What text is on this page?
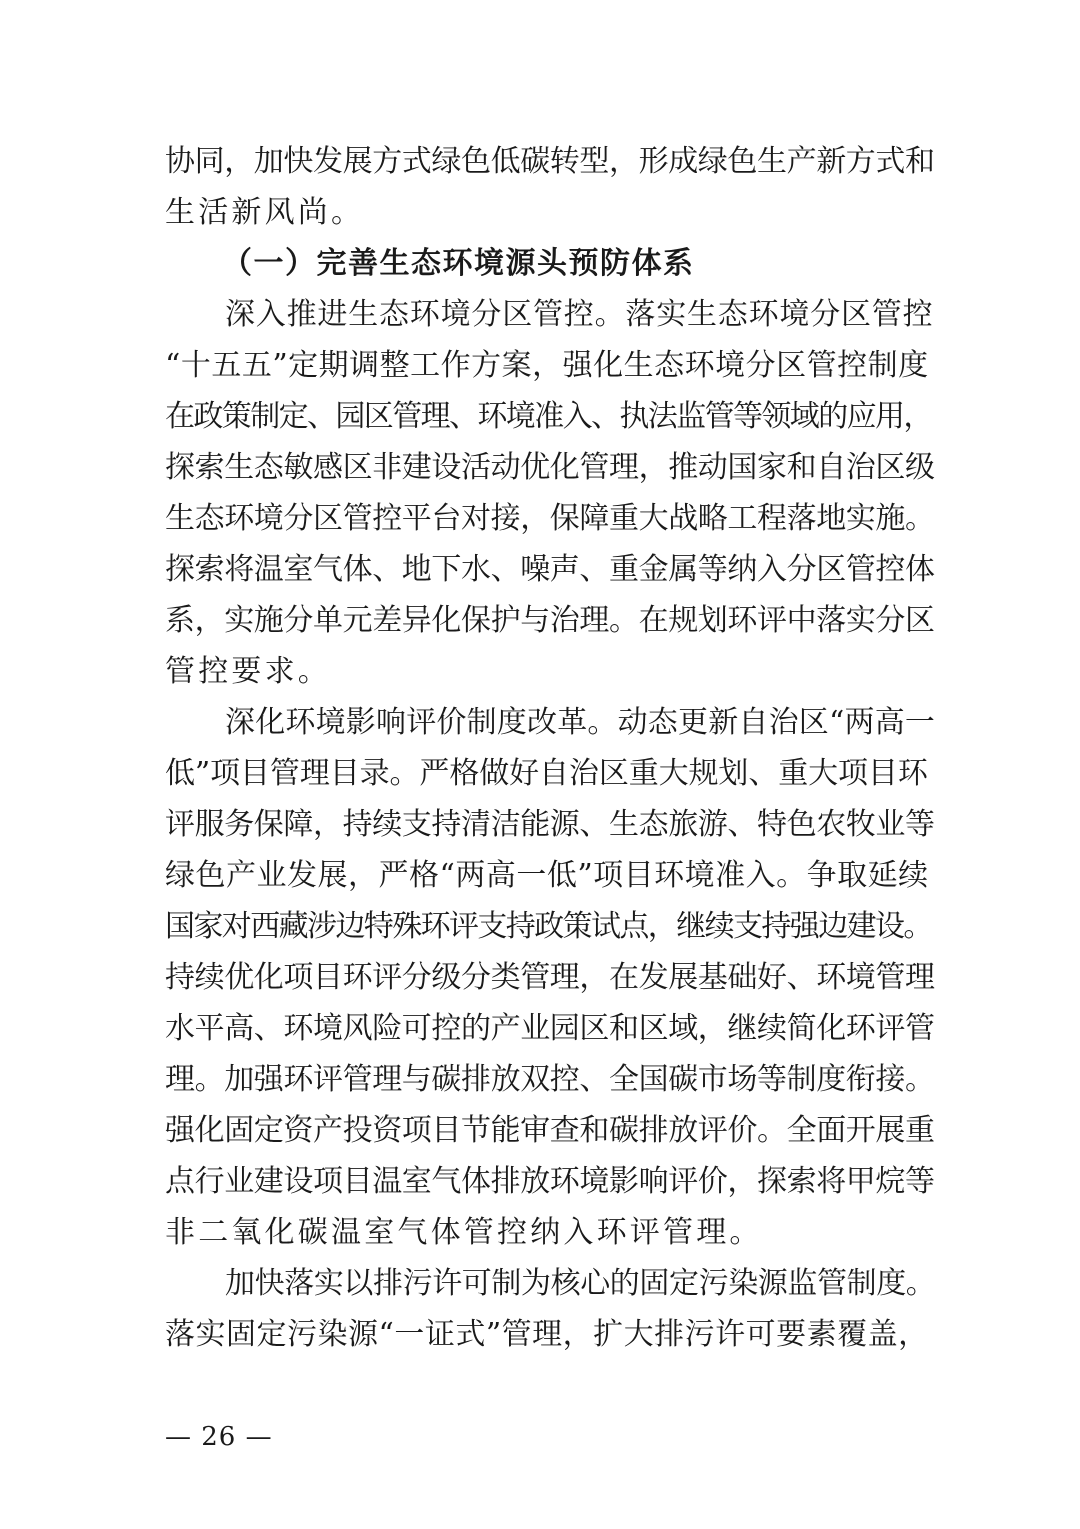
协同，加快发展方式绿色低碳转型，形成绿色生产新方式和
生活新风尚。
（一）完善生态环境源头预防体系
深入推进生态环境分区管控。落实生态环境分区管控
“十五五”定期调整工作方案，强化生态环境分区管控制度
在政策制定、园区管理、环境准入、执法监管等领域的应用，
探索生态敏感区非建设活动优化管理，推动国家和自治区级
生态环境分区管控平台对接，保障重大战略工程落地实施。
探索将温室气体、地下水、噪声、重金属等纳入分区管控体
系，实施分单元差异化保护与治理。在规划环评中落实分区
管控要求。
深化环境影响评价制度改革。动态更新自治区“两高一
低”项目管理目录。严格做好自治区重大规划、重大项目环
评服务保障，持续支持清洁能源、生态旅游、特色农牧业等
绿色产业发展，严格“两高一低”项目环境准入。争取延续
国家对西藏涉边特殊环评支持政策试点，继续支持强边建设。
持续优化项目环评分级分类管理，在发展基础好、环境管理
水平高、环境风险可控的产业园区和区域，继续简化环评管
理。加强环评管理与碳排放双控、全国碳市场等制度衔接。
强化固定资产投资项目节能审查和碳排放评价。全面开展重
点行业建设项目温室气体排放环境影响评价，探索将甲烷等
非二氧化碳温室气体管控纳入环评管理。
加快落实以排污许可制为核心的固定污染源监管制度。
落实固定污染源“一证式”管理，扩大排污许可要素覆盖，
— 26 —
